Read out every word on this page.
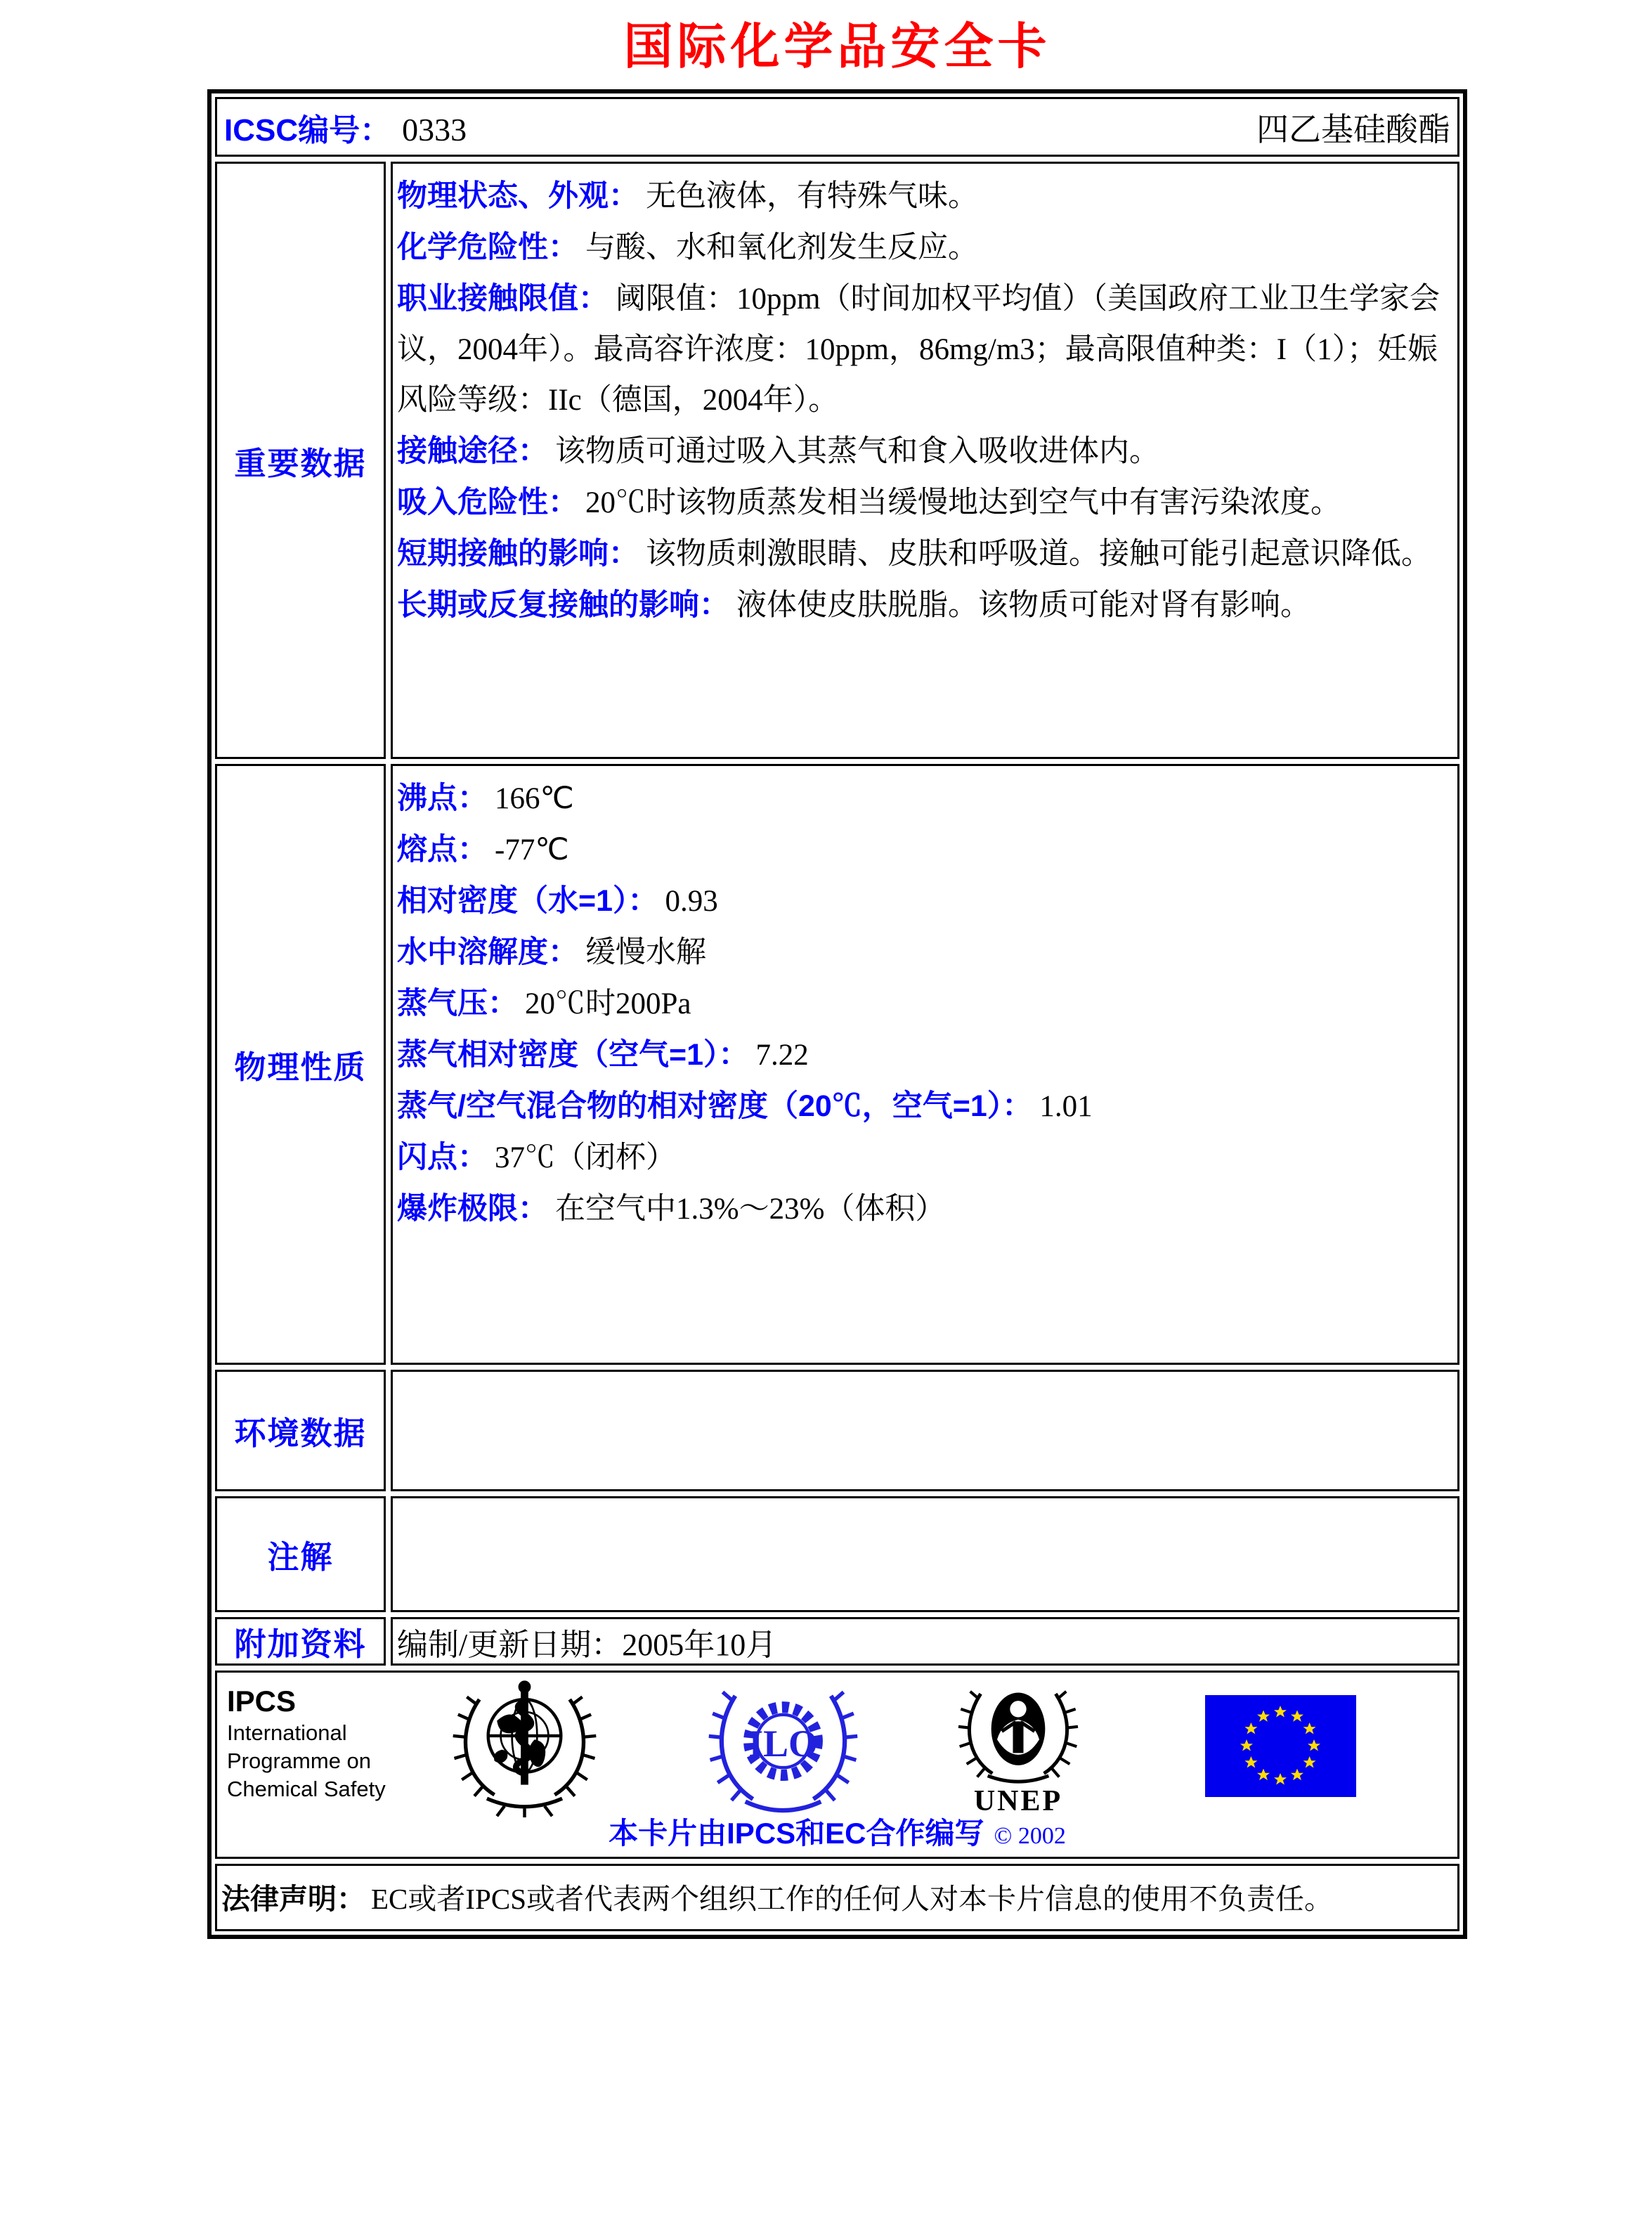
国际化学品安全卡
ICSC编号： 0333	四乙基硅酸酯
重要数据
物理状态、外观： 无色液体，有特殊气味。
化学危险性： 与酸、水和氧化剂发生反应。
职业接触限值： 阈限值：10ppm（时间加权平均值）（美国政府工业卫生学家会议，2004年）。最高容许浓度：10ppm，86mg/m3；最高限值种类：I（1）；妊娠风险等级：IIc（德国，2004年）。
接触途径： 该物质可通过吸入其蒸气和食入吸收进体内。
吸入危险性： 20℃时该物质蒸发相当缓慢地达到空气中有害污染浓度。
短期接触的影响： 该物质刺激眼睛、皮肤和呼吸道。接触可能引起意识降低。
长期或反复接触的影响： 液体使皮肤脱脂。该物质可能对肾有影响。
物理性质
沸点： 166℃
熔点： -77℃
相对密度（水=1）： 0.93
水中溶解度： 缓慢水解
蒸气压： 20℃时200Pa
蒸气相对密度（空气=1）： 7.22
蒸气/空气混合物的相对密度（20℃，空气=1）： 1.01
闪点： 37℃（闭杯）
爆炸极限： 在空气中1.3%～23%（体积）
环境数据
注解
附加资料 编制/更新日期：2005年10月
IPCS
International
Programme on
Chemical Safety
ILO
UNEP
本卡片由IPCS和EC合作编写 © 2002
法律声明： EC或者IPCS或者代表两个组织工作的任何人对本卡片信息的使用不负责任。
